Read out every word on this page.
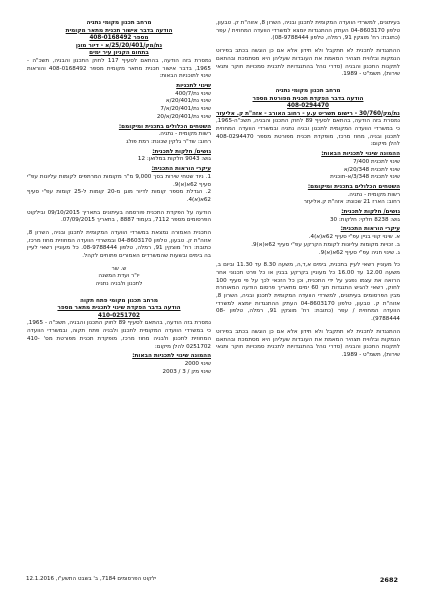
בעיתונים, למשרדי הוועדה המקומית לתכנון ובניה, השרון 8, אזוה"ת ק. טבעון, טלפון 04-8603170 העתק ההתנגדות יומצא למשרדי הוועדה המחוזית / עפר (כתובת: רח' מוצקין 91, רמלה, טלפון 08-9788444).

ההתנגדות לתכנית לא תתקבל ולא תידון אלא אם כן הוגשה בכתב בפירוט הנמקות ובלווית תצהיר המאמת את העובדות שעליהן היא מסתמכת ובהתאם לתקנות התכנון והבניה (סדרי נוהל בהתנגדויות לתכנית סמכויות חוקר ותנאי שירות), תשמ"ט - 1989.

מרחב תכנון מקומי נתניה
הודעה בדבר הפקדת תכנית מפורטת מספר
408-0294470
נת/מק/30/760 - רישום תשריט ע.ע - רחוב האורב - אזה"ת ק. אליעזר

נמסרת בזה הודעה, בהתאם לסעיף 89 לחוק התכנון והבניה, תשכ"ה-1965, כי במשרדי הוועדה המקומית לתכנון ובניה נתניה ובמשרדי הוועדה המחוזית לתכנון ובניה, מחוז מרכז, מופקדת תכנית מפורטת מספר 408-0294470 להלן מיקום:

ההמונה שינוי לתכניות הבאות:
שינוי לתכנית 7/400
שינוי לתכנית 20/348/א
שינוי לתכנית 3/348/א-תוכנית
השטחים הכלולים בתכנית ומיקומם:
רשות מקומית - נתניה.
רחוב: הארז 21 שכונת: אזה"ת ק.אליעזר
גושים/ חלקות לתכנית:
גוש: 8238 חלקי: חלקות: 30
עיקרי הוראות התכנית:
א. שינוי קווי בניין עפ"י סעיף 62א(א)4.
ב. זכויות מקומות עליונות לקומת הקרקע עפ"י סעיף 62א(א)9.
ג. שינוי חניה עפ"י סעיף 62א(א)9.

כל מעוניין רשאי לעיין בתכנית, בימים א,ד,ה, משעה 8.30 עד 11.30 וביום ב, משעה 12.00 עד 16.00 כל מעוניין בקרקע בבנין או כל פרט תכנוני אחר הרואה את עצמו נפגע על ידי התכנית, וכן כל הזכאי לכך על פי סעיף 100 לחוק, רשאי להגיש התנגדות תוך 60 ימים מתאריך פרסום הודעה המאוחרת מבין הפרסומים בעיתונים, למשרדי הוועדה המקומית לתכנון ובניה, השרון 8, אזוה"ת ק. טבעון, טלפון 04-8603170 העתק ההתנגדות יומצא למשרדי הוועדה המחוזית / עפר (כתובת: רח' מוצקין 91, רמלה, טלפון 08-9788444).

ההתנגדות לתכנית לא תתקבל ולא תידון אלא אם כן הוגשה בכתב בפירוט הנמקות ובלווית תצהיר המאמת את העובדות שעליהן היא מסתמכת ובהתאם לתקנות התכנון והבניה (סדרי נוהל בהתנגדויות לתכנית סמכויות חוקר ותנאי שירות), תשמ"ט - 1989.

מרחב תכנון מקומי נתניה
הודעה בדבר אישור תכנית מתאר מקומית
מספר 408-0168492
נת/מק/25/20/401/א - דיור מוגן
בתחום הקניון עיר ימים

נמסרת בזה הודעה, בהתאם לסעיף 117 לחוק התכנון והבניה, תשכ"ה - 1965, בדבר אישור תכנית מתאר מקומית מספר 408-0168492 והוראות שינוי לתוכניות הבאות:

שינוי לתכניות
שינוי נת/400/7
שינוי נת/20/401/א
שינוי נת/20/401/א/7
שינוי נת/20/401/א/20
השטחים הכלולים בתכנית ומיקומם:
רשות מקומית - נתניה.
רחוב: שד"ר גלקין שכונת: רמת פולג
גושים/ חלקות לתכנית:
גוש: 9043 חלקות במלואן: 12
עיקרי הוראות התכנית:
1. ניוד שטחי שירות בסך 9,000 מ"ר מקומות המרתפים לקומות עליונות עפ"י סעיף 62א(א)9.
2. הגדלת מספר קומות לדיור מוגן מ-20 קומות ל-25 קומות עפ"י סעיף 62א(א)4.

הודעה על הפקדת התכנית פורסמה בעיתונים בתאריך 09/10/2015 ובילקוט הפרסומים מספר 7112, בעמוד 8887 , בתאריך 07/09/2015.

התכנית האמורה נמצאת במשרדי הוועדה המקומית לתכנון ובניה, השרון 8, אזוה"ת ק. טבעון, טלפון 04-8603170 ובמשרדי הוועדה המחוזית מחוז מרכז, כתובת: רח' מוצקין 91, רמלה, טלפון 08-9788444. כל מעוניין רשאי לעיין בה בימים ובשעות שהמשרדים האמורים פתוחים לקהל.

ש. שר
יו"ר ועדת המשנה
לתכנון ולבניה נתניה
מרחב תכנון מקומי פתח תקוה
הודעה בדבר הפקדת שינוי לתכנית מתאר מספר
410-0251702

נמסרת בזה הודעה, בהתאם לסעיף 89 לחוק התכנון והבניה, תשכ"ה - 1965, כי במשרדי הוועדה המקומית לתכנון ולבניה פתח תקוה, ובמשרדי הוועדה המחוזית לתכנון ולבניה מחוז מרכז, מופקדת תכנית מפורטת מס' 410-0251702 להלן מיקום:

ההמונה שינוי לתכניות הבאות:
שינוי 2000
שינוי מק / 3 / 2003
ילקוט הפרסומים 7184, ב' בשבט התשע"ו, 12.1.2016	2682
